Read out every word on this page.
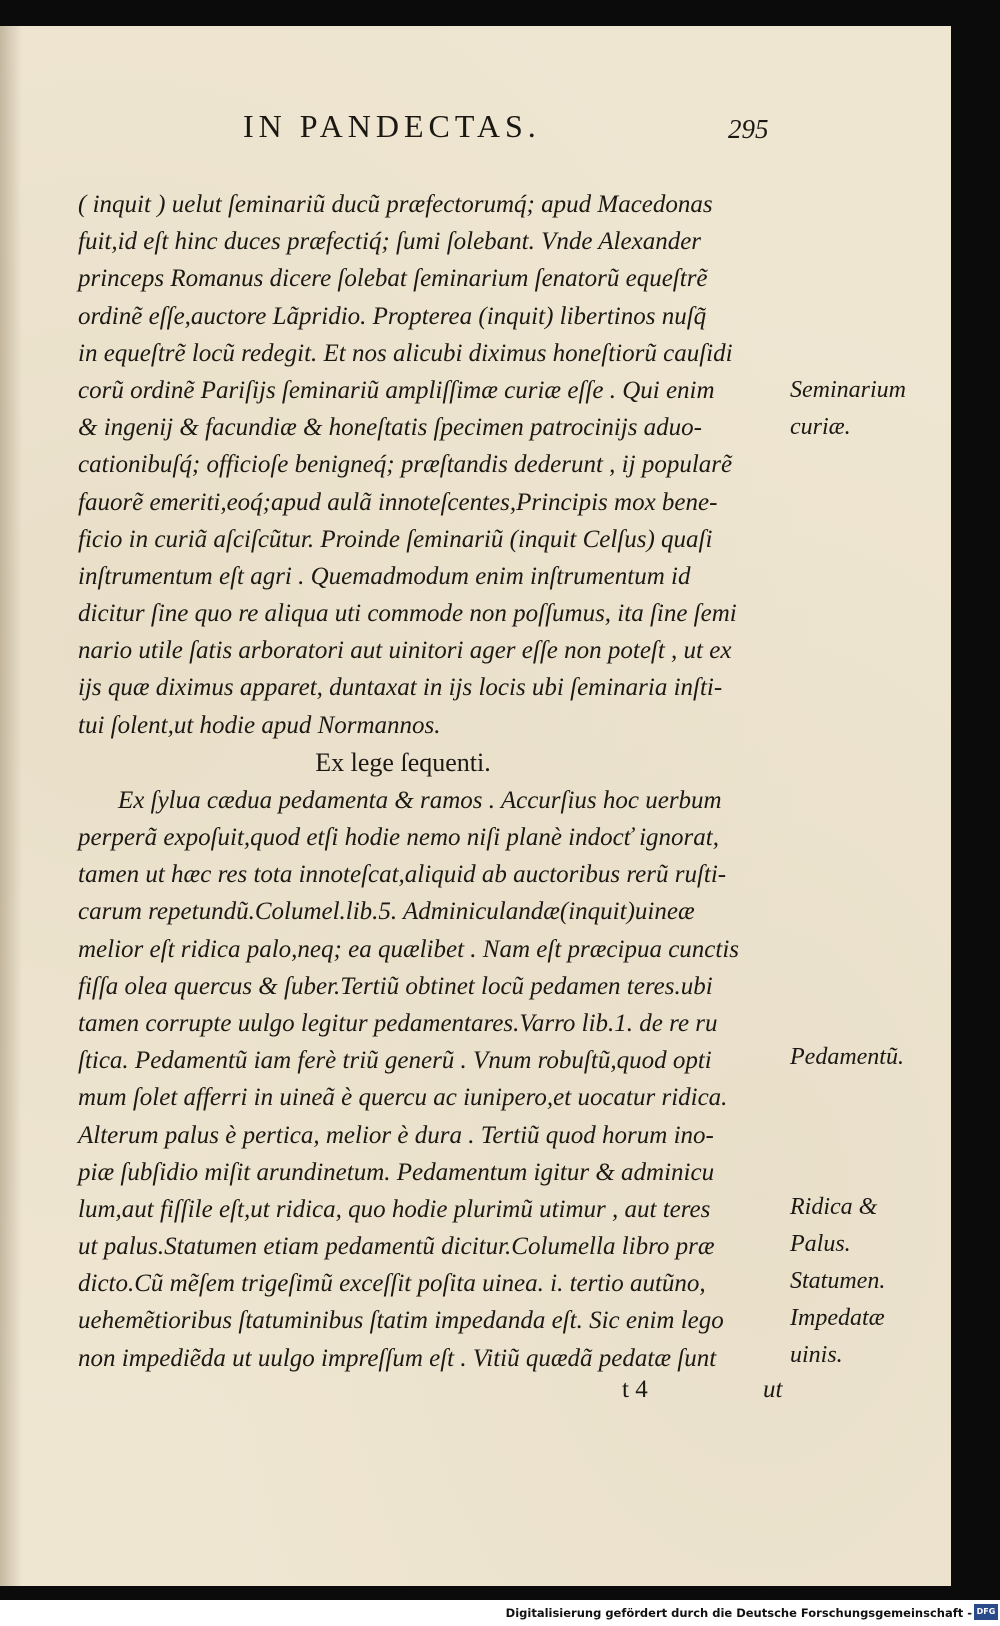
IN PANDECTAS.	295
( inquit ) uelut ſeminariũ ducũ præfectorumq́; apud Macedonas
fuit,id eſt hinc duces præfectiq́; ſumi ſolebant. Vnde Alexander
princeps Romanus dicere ſolebat ſeminarium ſenatorũ equeſtrẽ
ordinẽ eſſe,auctore Lãpridio. Propterea (inquit) libertinos nuſq̃
in equeſtrẽ locũ redegit. Et nos alicubi diximus honeſtiorũ cauſidi
corũ ordinẽ Pariſijs ſeminariũ ampliſſimæ curiæ eſſe . Qui enim
& ingenij & facundiæ & honeſtatis ſpecimen patrocinijs aduo-
cationibuſq́; officioſe benigneq́; præſtandis dederunt , ij popularẽ
fauorẽ emeriti,eoq́;apud aulã innoteſcentes,Principis mox bene-
ficio in curiã aſciſcũtur. Proinde ſeminariũ (inquit Celſus) quaſi
inſtrumentum eſt agri . Quemadmodum enim inſtrumentum id
dicitur ſine quo re aliqua uti commode non poſſumus, ita ſine ſemi
nario utile ſatis arboratori aut uinitori ager eſſe non poteſt , ut ex
ijs quæ diximus apparet, duntaxat in ijs locis ubi ſeminaria inſti-
tui ſolent,ut hodie apud Normannos.
Ex lege ſequenti.
Ex ſylua cædua pedamenta & ramos . Accurſius hoc uerbum
perperã expoſuit,quod etſi hodie nemo niſi planè indocť ignorat,
tamen ut hæc res tota innoteſcat,aliquid ab auctoribus rerũ ruſti-
carum repetundũ.Columel.lib.5. Adminiculandæ(inquit)uineæ
melior eſt ridica palo,neq; ea quælibet . Nam eſt præcipua cunctis
fiſſa olea quercus & ſuber.Tertiũ obtinet locũ pedamen teres.ubi
tamen corrupte uulgo legitur pedamentares.Varro lib.1. de re ru
ſtica. Pedamentũ iam ferè triũ generũ . Vnum robuſtũ,quod opti
mum ſolet afferri in uineã è quercu ac iunipero,et uocatur ridica.
Alterum palus è pertica, melior è dura . Tertiũ quod horum ino-
piæ ſubſidio miſit arundinetum. Pedamentum igitur & adminicu
lum,aut fiſſile eſt,ut ridica, quo hodie plurimũ utimur , aut teres
ut palus.Statumen etiam pedamentũ dicitur.Columella libro præ
dicto.Cũ mẽſem trigeſimũ exceſſit poſita uinea. i. tertio autũno,
uehemẽtioribus ſtatuminibus ſtatim impedanda eſt. Sic enim lego
non impediẽda ut uulgo impreſſum eſt . Vitiũ quædã pedatæ ſunt
Seminarium
curiæ.
Pedamentũ.
Ridica &
Palus.
Statumen.
Impedatæ
uinis.
t 4	ut
Digitalisierung gefördert durch die Deutsche Forschungsgemeinschaft - DFG
